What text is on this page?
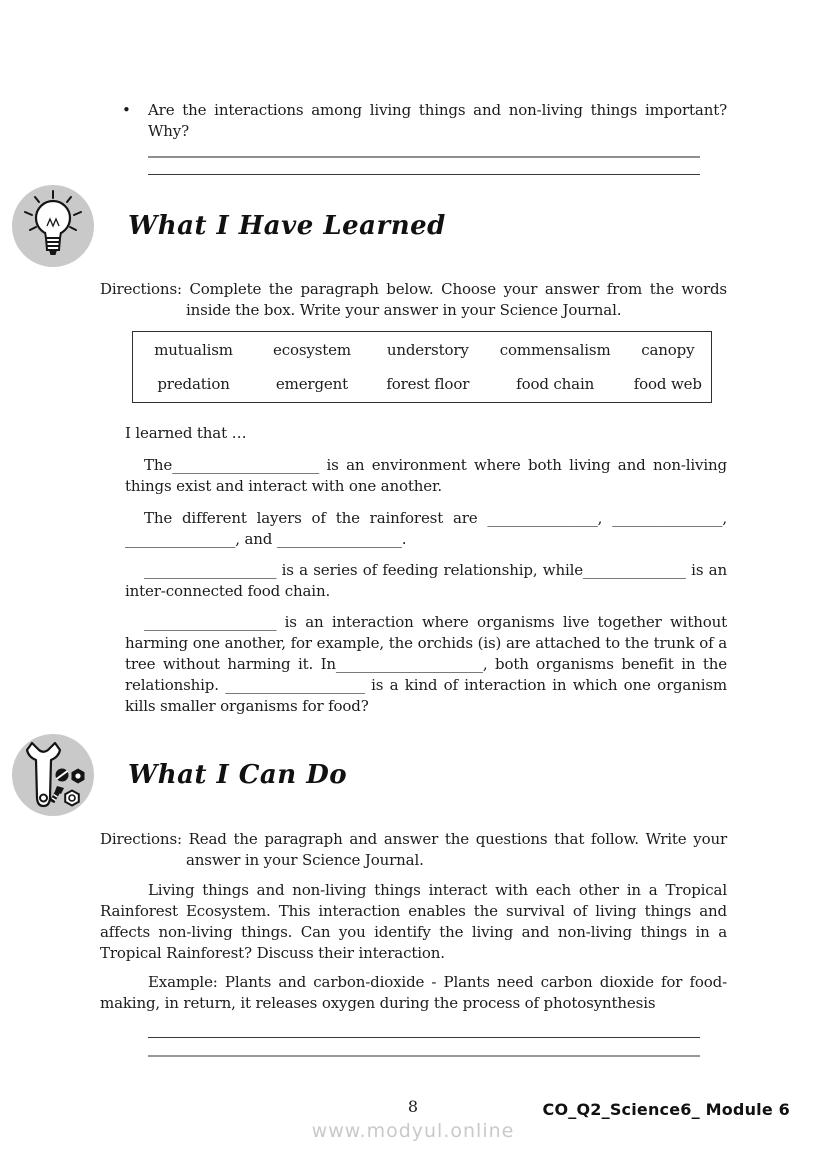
• Are the interactions among living things and non-living things important? Why?

What I Have Learned

Directions: Complete the paragraph below. Choose your answer from the words inside the box. Write your answer in your Science Journal.

mutualism	ecosystem	understory	commensalism	canopy
predation	emergent	forest floor	food chain	food web

I learned that …

The____________________ is an environment where both living and non-living things exist and interact with one another.

The different layers of the rainforest are _______________, _______________, _______________, and _________________.

__________________ is a series of feeding relationship, while______________ is an inter-connected food chain.

__________________ is an interaction where organisms live together without harming one another, for example, the orchids (is) are attached to the trunk of a tree without harming it. In____________________, both organisms benefit in the relationship. ___________________ is a kind of interaction in which one organism kills smaller organisms for food?

What I Can Do

Directions: Read the paragraph and answer the questions that follow. Write your answer in your Science Journal.

Living things and non-living things interact with each other in a Tropical Rainforest Ecosystem. This interaction enables the survival of living things and affects non-living things. Can you identify the living and non-living things in a Tropical Rainforest? Discuss their interaction.

Example: Plants and carbon-dioxide - Plants need carbon dioxide for food-making, in return, it releases oxygen during the process of photosynthesis

8	CO_Q2_Science6_ Module 6
www.modyul.online
